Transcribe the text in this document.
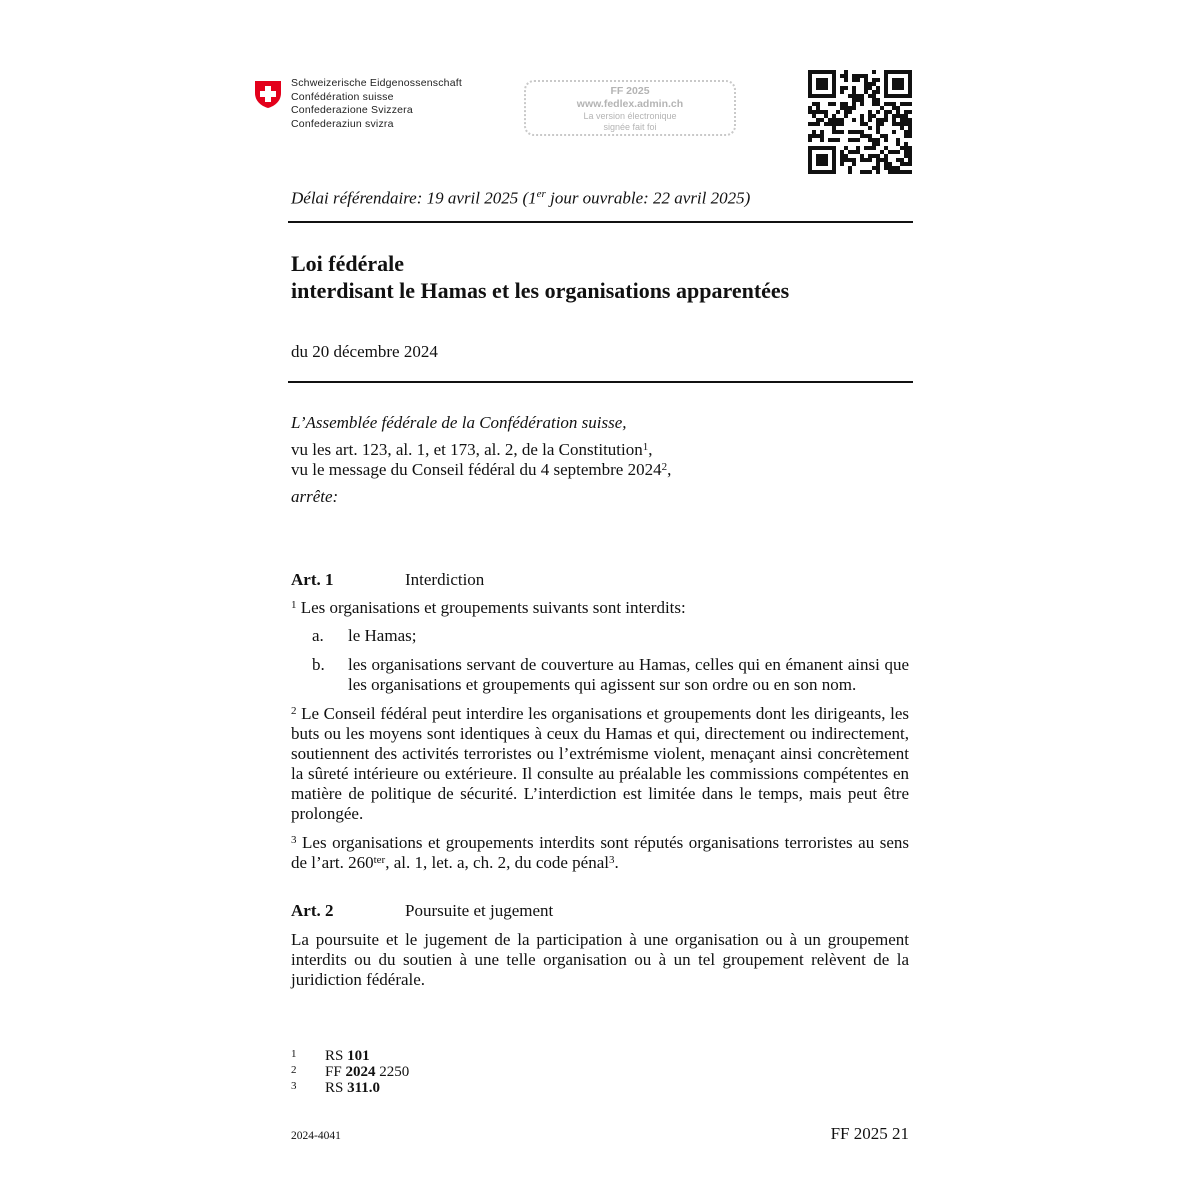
Schweizerische Eidgenossenschaft
Confédération suisse
Confederazione Svizzera
Confederaziun svizra
FF 2025
www.fedlex.admin.ch
La version électronique
signée fait foi
Délai référendaire: 19 avril 2025 (1er jour ouvrable: 22 avril 2025)
Loi fédérale
interdisant le Hamas et les organisations apparentées
du 20 décembre 2024
L’Assemblée fédérale de la Confédération suisse,
vu les art. 123, al. 1, et 173, al. 2, de la Constitution$^1$,
vu le message du Conseil fédéral du 4 septembre 2024$^2$,
arrête:
Art. 1	Interdiction
$^1$ Les organisations et groupements suivants sont interdits:
a. le Hamas;
b. les organisations servant de couverture au Hamas, celles qui en émanent ainsi que les organisations et groupements qui agissent sur son ordre ou en son nom.
$^2$ Le Conseil fédéral peut interdire les organisations et groupements dont les dirigeants, les buts ou les moyens sont identiques à ceux du Hamas et qui, directement ou indirectement, soutiennent des activités terroristes ou l’extrémisme violent, menaçant ainsi concrètement la sûreté intérieure ou extérieure. Il consulte au préalable les commissions compétentes en matière de politique de sécurité. L’interdiction est limitée dans le temps, mais peut être prolongée.
$^3$ Les organisations et groupements interdits sont réputés organisations terroristes au sens de l’art. 260$^{ter}$, al. 1, let. a, ch. 2, du code pénal$^3$.
Art. 2	Poursuite et jugement
La poursuite et le jugement de la participation à une organisation ou à un groupement interdits ou du soutien à une telle organisation ou à un tel groupement relèvent de la juridiction fédérale.
1 RS 101
2 FF 2024 2250
3 RS 311.0
2024-4041	FF 2025 21
